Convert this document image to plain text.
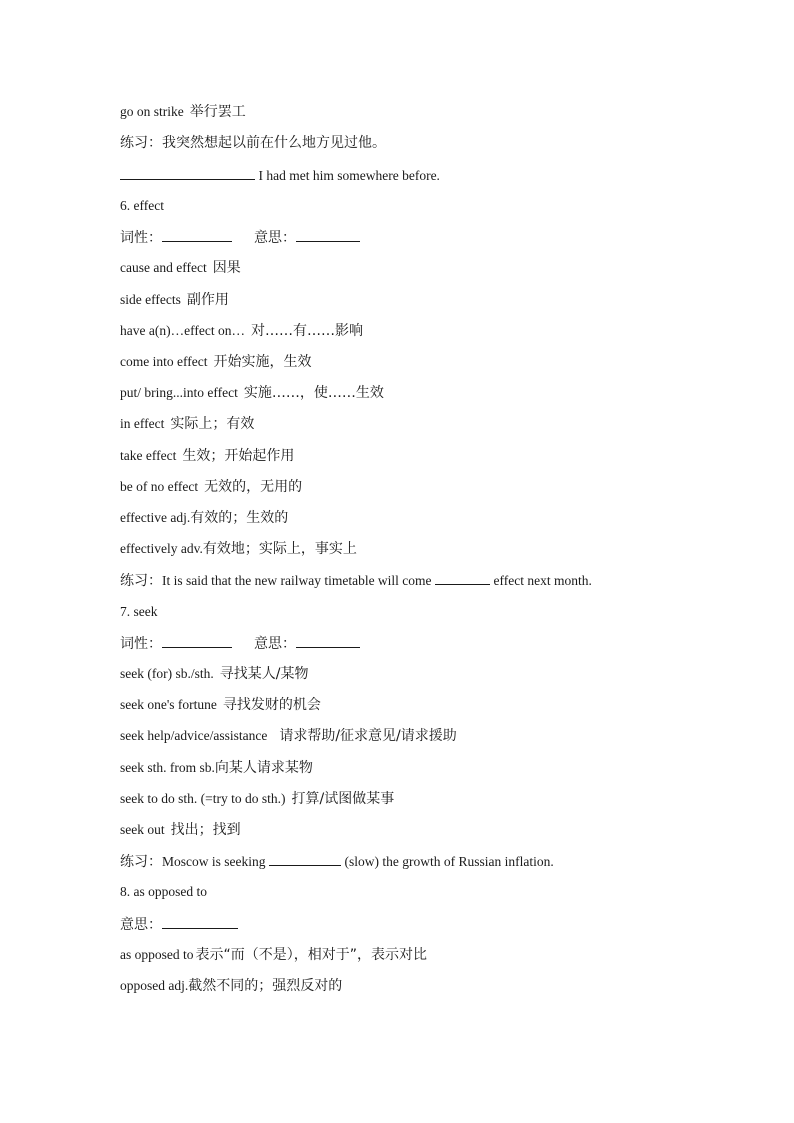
go on strike 举行罢工
练习：我突然想起以前在什么地方见过他。
I had met him somewhere before.
6. effect
词性：	意思：
cause and effect 因果
side effects 副作用
have a(n)…effect on… 对……有……影响
come into effect 开始实施，生效
put/ bring...into effect 实施……，使……生效
in effect 实际上；有效
take effect 生效；开始起作用
be of no effect 无效的，无用的
effective adj.有效的；生效的
effectively adv.有效地；实际上，事实上
练习：It is said that the new railway timetable will come	effect next month.
7. seek
词性：	意思：
seek (for) sb./sth. 寻找某人/某物
seek one's fortune 寻找发财的机会
seek help/advice/assistance 请求帮助/征求意见/请求援助
seek sth. from sb.向某人请求某物
seek to do sth. (=try to do sth.) 打算/试图做某事
seek out 找出；找到
练习：Moscow is seeking	(slow) the growth of Russian inflation.
8. as opposed to
意思：
as opposed to 表示“而（不是），相对于”，表示对比
opposed adj.截然不同的；强烈反对的
